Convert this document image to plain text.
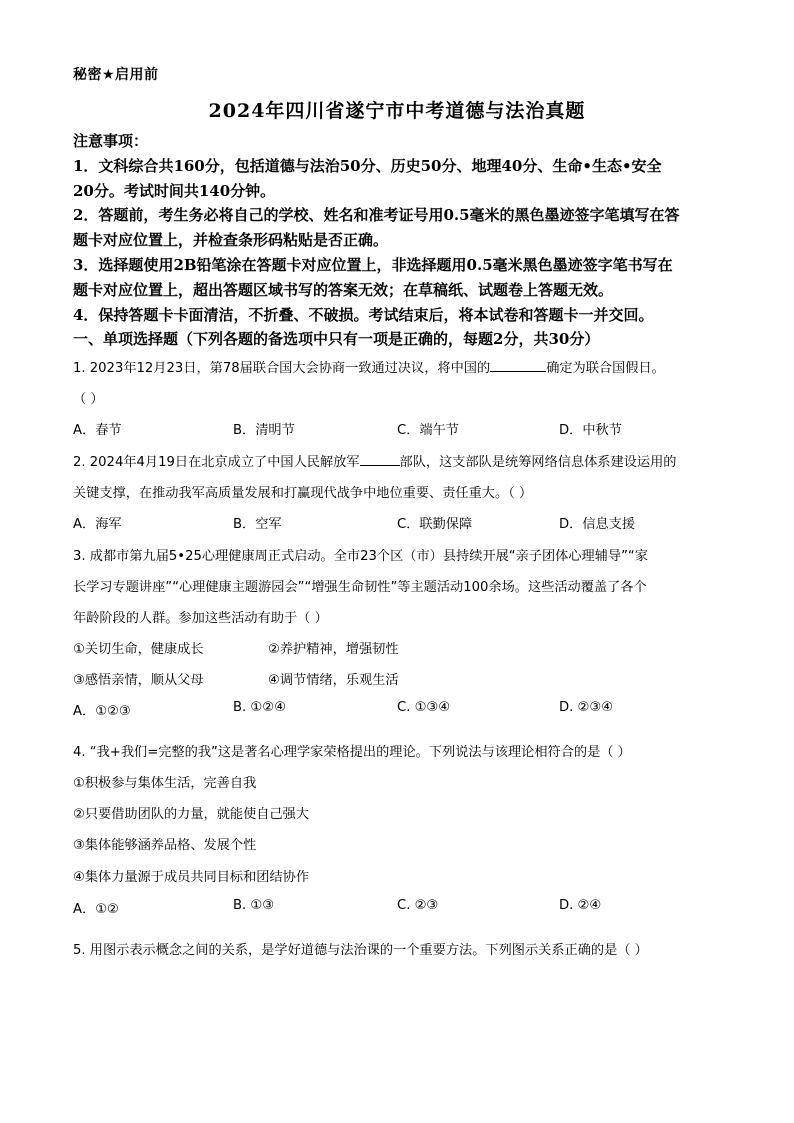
秘密★启用前
2024年四川省遂宁市中考道德与法治真题
注意事项：
1．文科综合共160分，包括道德与法治50分、历史50分、地理40分、生命•生态•安全
20分。考试时间共140分钟。
2．答题前，考生务必将自己的学校、姓名和准考证号用0.5毫米的黑色墨迹签字笔填写在答
题卡对应位置上，并检查条形码粘贴是否正确。
3．选择题使用2B铅笔涂在答题卡对应位置上，非选择题用0.5毫米黑色墨迹签字笔书写在
题卡对应位置上，超出答题区域书写的答案无效；在草稿纸、试题卷上答题无效。
4．保持答题卡卡面清洁，不折叠、不破损。考试结束后，将本试卷和答题卡一并交回。
一、单项选择题（下列各题的备选项中只有一项是正确的，每题2分，共30分）
1. 2023年12月23日，第78届联合国大会协商一致通过决议，将中国的	确定为联合国假日。
（ ）
A．春节	B．清明节	C．端午节	D．中秋节
2. 2024年4月19日在北京成立了中国人民解放军	部队，这支部队是统筹网络信息体系建设运用的
关键支撑，在推动我军高质量发展和打赢现代战争中地位重要、责任重大。（ ）
A．海军	B．空军	C．联勤保障	D．信息支援
3. 成都市第九届5•25心理健康周正式启动。全市23个区（市）县持续开展“亲子团体心理辅导”“家
长学习专题讲座”“心理健康主题游园会”“增强生命韧性”等主题活动100余场。这些活动覆盖了各个
年龄阶段的人群。参加这些活动有助于（ ）
①关切生命，健康成长	②养护精神，增强韧性
③感悟亲情，顺从父母	④调节情绪，乐观生活
A．①②③	B. ①②④	C. ①③④	D. ②③④
4. “我+我们=完整的我”这是著名心理学家荣格提出的理论。下列说法与该理论相符合的是（ ）
①积极参与集体生活，完善自我
②只要借助团队的力量，就能使自己强大
③集体能够涵养品格、发展个性
④集体力量源于成员共同目标和团结协作
A．①②	B. ①③	C. ②③	D. ②④
5. 用图示表示概念之间的关系，是学好道德与法治课的一个重要方法。下列图示关系正确的是（ ）
